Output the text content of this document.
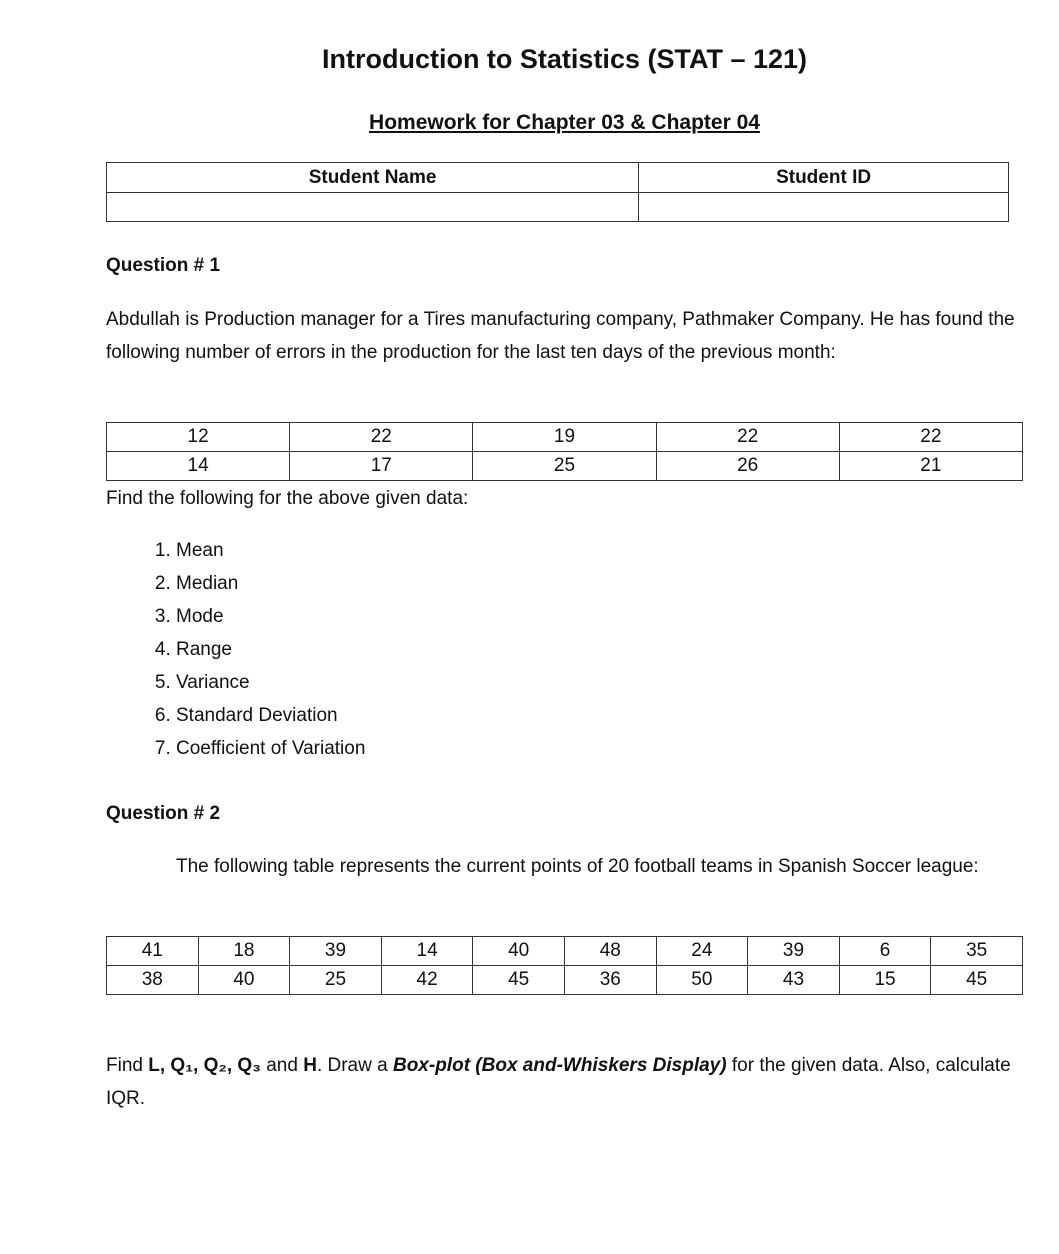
Introduction to Statistics (STAT – 121)
Homework for Chapter 03 & Chapter 04
Student Name	Student ID

Question # 1

Abdullah is Production manager for a Tires manufacturing company, Pathmaker Company. He has found the following number of errors in the production for the last ten days of the previous month:

12	22	19	22	22
14	17	25	26	21

Find the following for the above given data:

1. Mean
2. Median
3. Mode
4. Range
5. Variance
6. Standard Deviation
7. Coefficient of Variation

Question # 2

The following table represents the current points of 20 football teams in Spanish Soccer league:

41	18	39	14	40	48	24	39	6	35
38	40	25	42	45	36	50	43	15	45

Find L, Q₁, Q₂, Q₃ and H. Draw a Box-plot (Box and-Whiskers Display) for the given data. Also, calculate IQR.
